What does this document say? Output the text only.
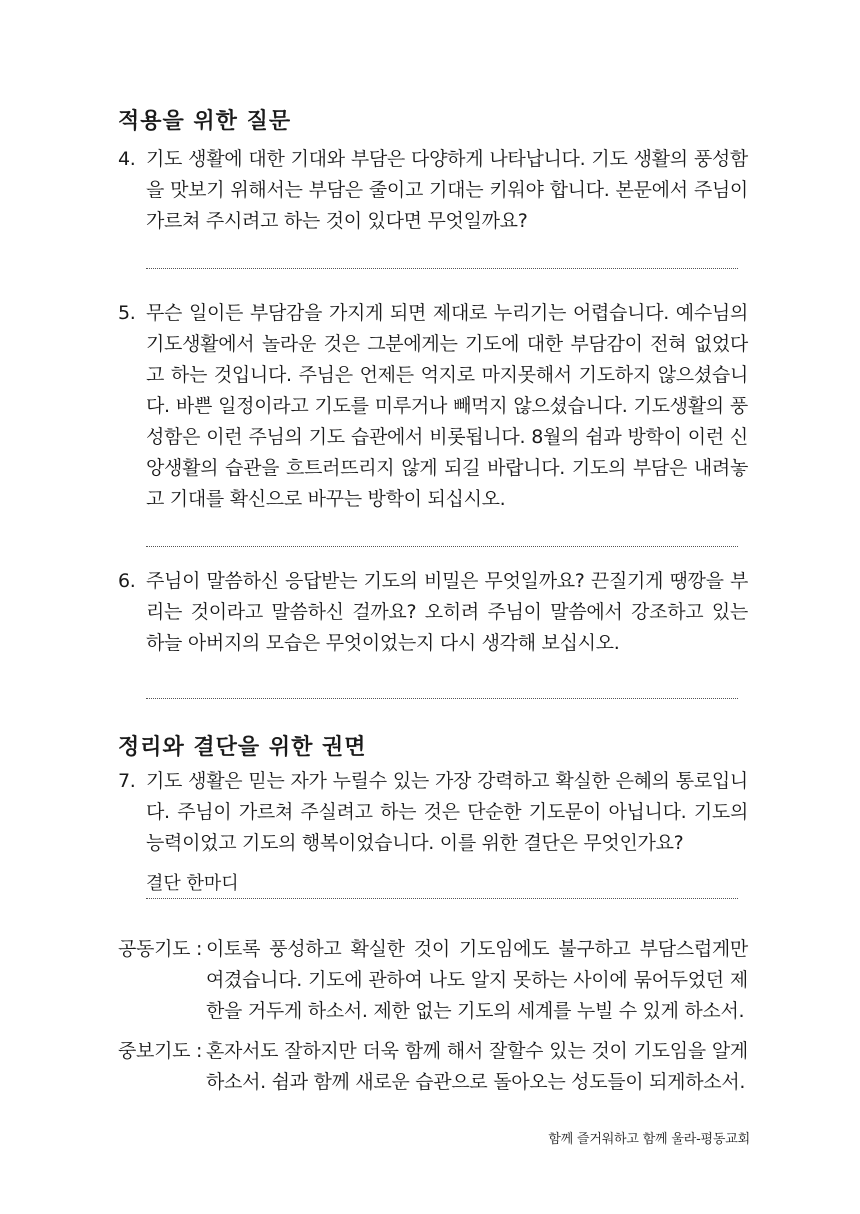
적용을 위한 질문
4. 기도 생활에 대한 기대와 부담은 다양하게 나타납니다. 기도 생활의 풍성함을 맛보기 위해서는 부담은 줄이고 기대는 키워야 합니다. 본문에서 주님이 가르쳐 주시려고 하는 것이 있다면 무엇일까요?
5. 무슨 일이든 부담감을 가지게 되면 제대로 누리기는 어렵습니다. 예수님의 기도생활에서 놀라운 것은 그분에게는 기도에 대한 부담감이 전혀 없었다고 하는 것입니다. 주님은 언제든 억지로 마지못해서 기도하지 않으셨습니다. 바쁜 일정이라고 기도를 미루거나 빼먹지 않으셨습니다. 기도생활의 풍성함은 이런 주님의 기도 습관에서 비롯됩니다. 8월의 쉼과 방학이 이런 신앙생활의 습관을 흐트러뜨리지 않게 되길 바랍니다. 기도의 부담은 내려놓고 기대를 확신으로 바꾸는 방학이 되십시오.
6. 주님이 말씀하신 응답받는 기도의 비밀은 무엇일까요? 끈질기게 땡깡을 부리는 것이라고 말씀하신 걸까요? 오히려 주님이 말씀에서 강조하고 있는 하늘 아버지의 모습은 무엇이었는지 다시 생각해 보십시오.
정리와 결단을 위한 권면
7. 기도 생활은 믿는 자가 누릴수 있는 가장 강력하고 확실한 은혜의 통로입니다. 주님이 가르쳐 주실려고 하는 것은 단순한 기도문이 아닙니다. 기도의 능력이었고 기도의 행복이었습니다. 이를 위한 결단은 무엇인가요?
결단 한마디
공동기도 : 이토록 풍성하고 확실한 것이 기도임에도 불구하고 부담스럽게만 여겼습니다. 기도에 관하여 나도 알지 못하는 사이에 묶어두었던 제한을 거두게 하소서. 제한 없는 기도의 세계를 누빌 수 있게 하소서.
중보기도 : 혼자서도 잘하지만 더욱 함께 해서 잘할수 있는 것이 기도임을 알게 하소서. 쉼과 함께 새로운 습관으로 돌아오는 성도들이 되게하소서.
함께 즐거워하고 함께 울라-평동교회
